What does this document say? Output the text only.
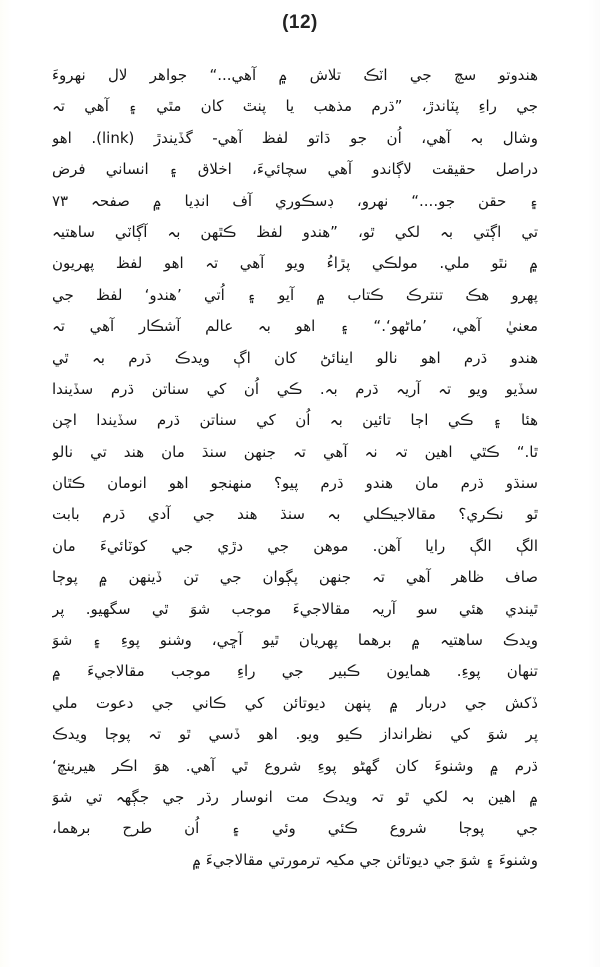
(12)
هندوتو سچ جي اٽڪ تلاش ۾ آهي...“ جواهر لال نهروءَ
جي راءِ پٽاندڙ، ”ڌرم مذهب يا پنٿ کان مٿي ۽ آهي تہ
وشال بہ آهي، اُن جو ڌاتو لفظ آهي- گڏيندڙ (link). اهو
دراصل حقيقت لاڳاندو آهي سچائيءَ، اخلاق ۽ انساني فرض
۽ حقن جو....“ نهرو، ڊسڪوري آف انڊيا ۾ صفحہ ٧٣
تي اڳتي بہ لکي ٿو، ”هندو لفظ ڪٿهن بہ آڳاٽي ساهتيہ
۾ نٿو ملي. مولڪي پڙاءُ ويو آهي تہ اهو لفظ پهريون
پهرو هڪ تنترڪ ڪتاب ۾ آيو ۽ اُتي ’هندو‘ لفظ جي
معنيٰ آهي، ’ماڻهو‘.“ ۽ اهو بہ عالم آشڪار آهي تہ
هندو ڌرم اهو نالو اينائڻ کان اڳ ويدڪ ڌرم بہ ٿي
سڏيو ويو تہ آريہ ڌرم بہ. ڪي اُن کي سناتن ڌرم سڏيندا
هئا ۽ ڪي اڄا تائين بہ اُن کي سناتن ڌرم سڏيندا اچن
ٿا.“ ڪٿي اهين تہ نہ آهي تہ جنهن سنڌ مان هند تي نالو
سنڌو ڌرم مان هندو ڌرم پيو؟ منهنجو اهو انومان ڪٿان
ٿو نڪري؟ مقالاجيڪلي بہ سنڌ هند جي آدي ڌرم بابت
الڳ الڳ رايا آهن. موهن جي دڙي جي کوٽائيءَ مان
صاف ظاهر آهي تہ جنهن پڳوان جي تن ڏينهن ۾ پوڄا
ٿيندي هئي سو آريہ مقالاجيءَ موجب شوَ ٿي سگهيو. پر
ويدڪ ساهتيہ ۾ برهما پهريان ٿيو آڇي، وشنو پوءِ ۽ شوَ
تنهان پوءِ. همايون ڪبير جي راءِ موجب مقالاجيءَ ۾
ڏکش جي دربار ۾ پنهن ديوتائن کي ڪاني جي دعوت ملي
پر شوَ کي نظرانداز ڪيو ويو. اهو ڏسي ٿو تہ پوڄا ويدڪ
ڌرم ۾ وشنوءَ کان گهڻو پوءِ شروع ٿي آهي. هوَ اڪر هيرينچ‘
۾ اهين بہ لکي ٿو تہ ويدڪ مت انوسار رڌر جي جڳهہ تي شوَ
جي پوڄا شروع ڪئي وئي ۽ اُن طرح برهما،
وشنوءَ ۽ شوَ جي ديوتائن جي مکيہ ترمورتي مقالاجيءَ ۾
